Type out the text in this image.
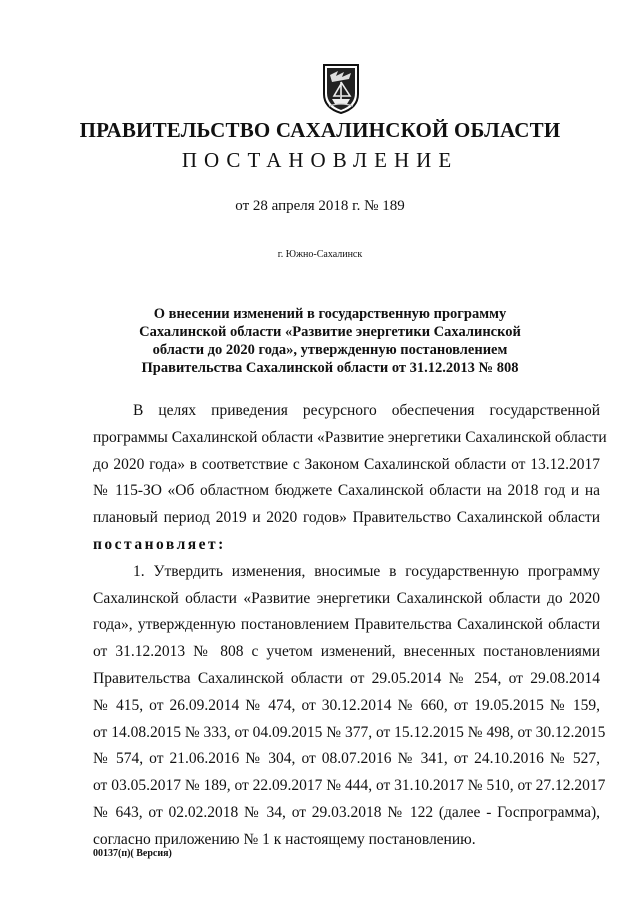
ПРАВИТЕЛЬСТВО САХАЛИНСКОЙ ОБЛАСТИ
ПОСТАНОВЛЕНИЕ
от 28 апреля 2018 г. № 189
г. Южно-Сахалинск
О внесении изменений в государственную программу
Сахалинской области «Развитие энергетики Сахалинской
области до 2020 года», утвержденную постановлением
Правительства Сахалинской области от 31.12.2013 № 808
В целях приведения ресурсного обеспечения государственной
программы Сахалинской области «Развитие энергетики Сахалинской области
до 2020 года» в соответствие с Законом Сахалинской области от 13.12.2017
№ 115-ЗО «Об областном бюджете Сахалинской области на 2018 год и на
плановый период 2019 и 2020 годов» Правительство Сахалинской области
постановляет:
1. Утвердить изменения, вносимые в государственную программу
Сахалинской области «Развитие энергетики Сахалинской области до 2020
года», утвержденную постановлением Правительства Сахалинской области
от 31.12.2013 № 808 с учетом изменений, внесенных постановлениями
Правительства Сахалинской области от 29.05.2014 № 254, от 29.08.2014
№ 415, от 26.09.2014 № 474, от 30.12.2014 № 660, от 19.05.2015 № 159,
от 14.08.2015 № 333, от 04.09.2015 № 377, от 15.12.2015 № 498, от 30.12.2015
№ 574, от 21.06.2016 № 304, от 08.07.2016 № 341, от 24.10.2016 № 527,
от 03.05.2017 № 189, от 22.09.2017 № 444, от 31.10.2017 № 510, от 27.12.2017
№ 643, от 02.02.2018 № 34, от 29.03.2018 № 122 (далее - Госпрограмма),
согласно приложению № 1 к настоящему постановлению.
00137(п)( Версия)
